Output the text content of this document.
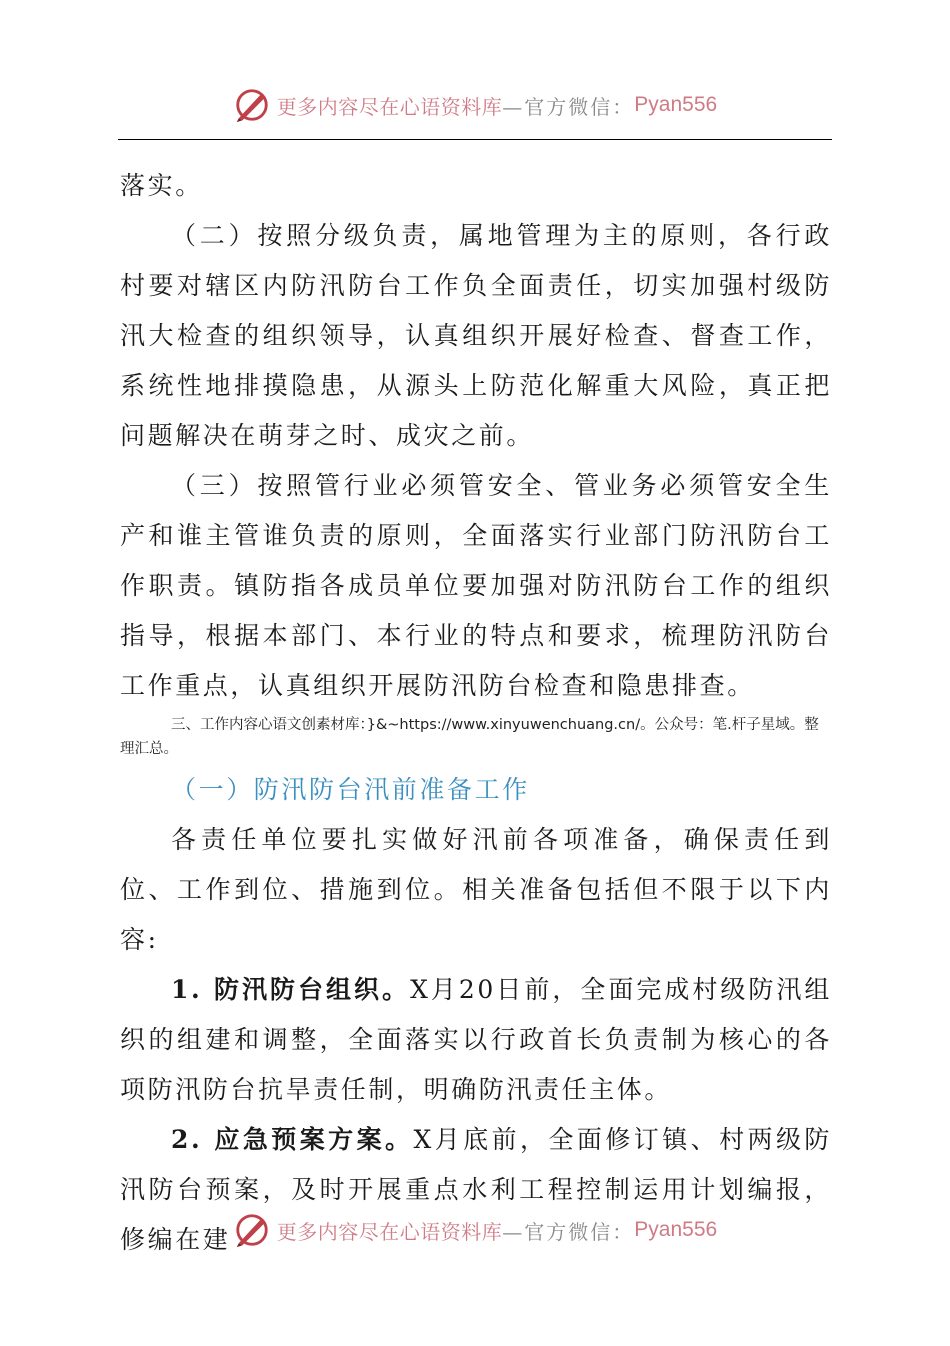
更多内容尽在心语资料库 —官方微信： Pyan556

落实。

（二）按照分级负责，属地管理为主的原则，各行政村要对辖区内防汛防台工作负全面责任，切实加强村级防汛大检查的组织领导，认真组织开展好检查、督查工作，系统性地排摸隐患，从源头上防范化解重大风险，真正把问题解决在萌芽之时、成灾之前。

（三）按照管行业必须管安全、管业务必须管安全生产和谁主管谁负责的原则，全面落实行业部门防汛防台工作职责。镇防指各成员单位要加强对防汛防台工作的组织指导，根据本部门、本行业的特点和要求，梳理防汛防台工作重点，认真组织开展防汛防台检查和隐患排查。

三、工作内容心语文创素材库：}&~https://www.xinyuwenchuang.cn/。公众号：笔.杆子星域。整理汇总。

（一）防汛防台汛前准备工作

各责任单位要扎实做好汛前各项准备，确保责任到位、工作到位、措施到位。相关准备包括但不限于以下内容:

1. 防汛防台组织。X月20日前，全面完成村级防汛组织的组建和调整，全面落实以行政首长负责制为核心的各项防汛防台抗旱责任制，明确防汛责任主体。

2. 应急预案方案。X月底前，全面修订镇、村两级防汛防台预案，及时开展重点水利工程控制运用计划编报，修编在建	更多内容尽在心语资料库 —官方微信： Pyan556
